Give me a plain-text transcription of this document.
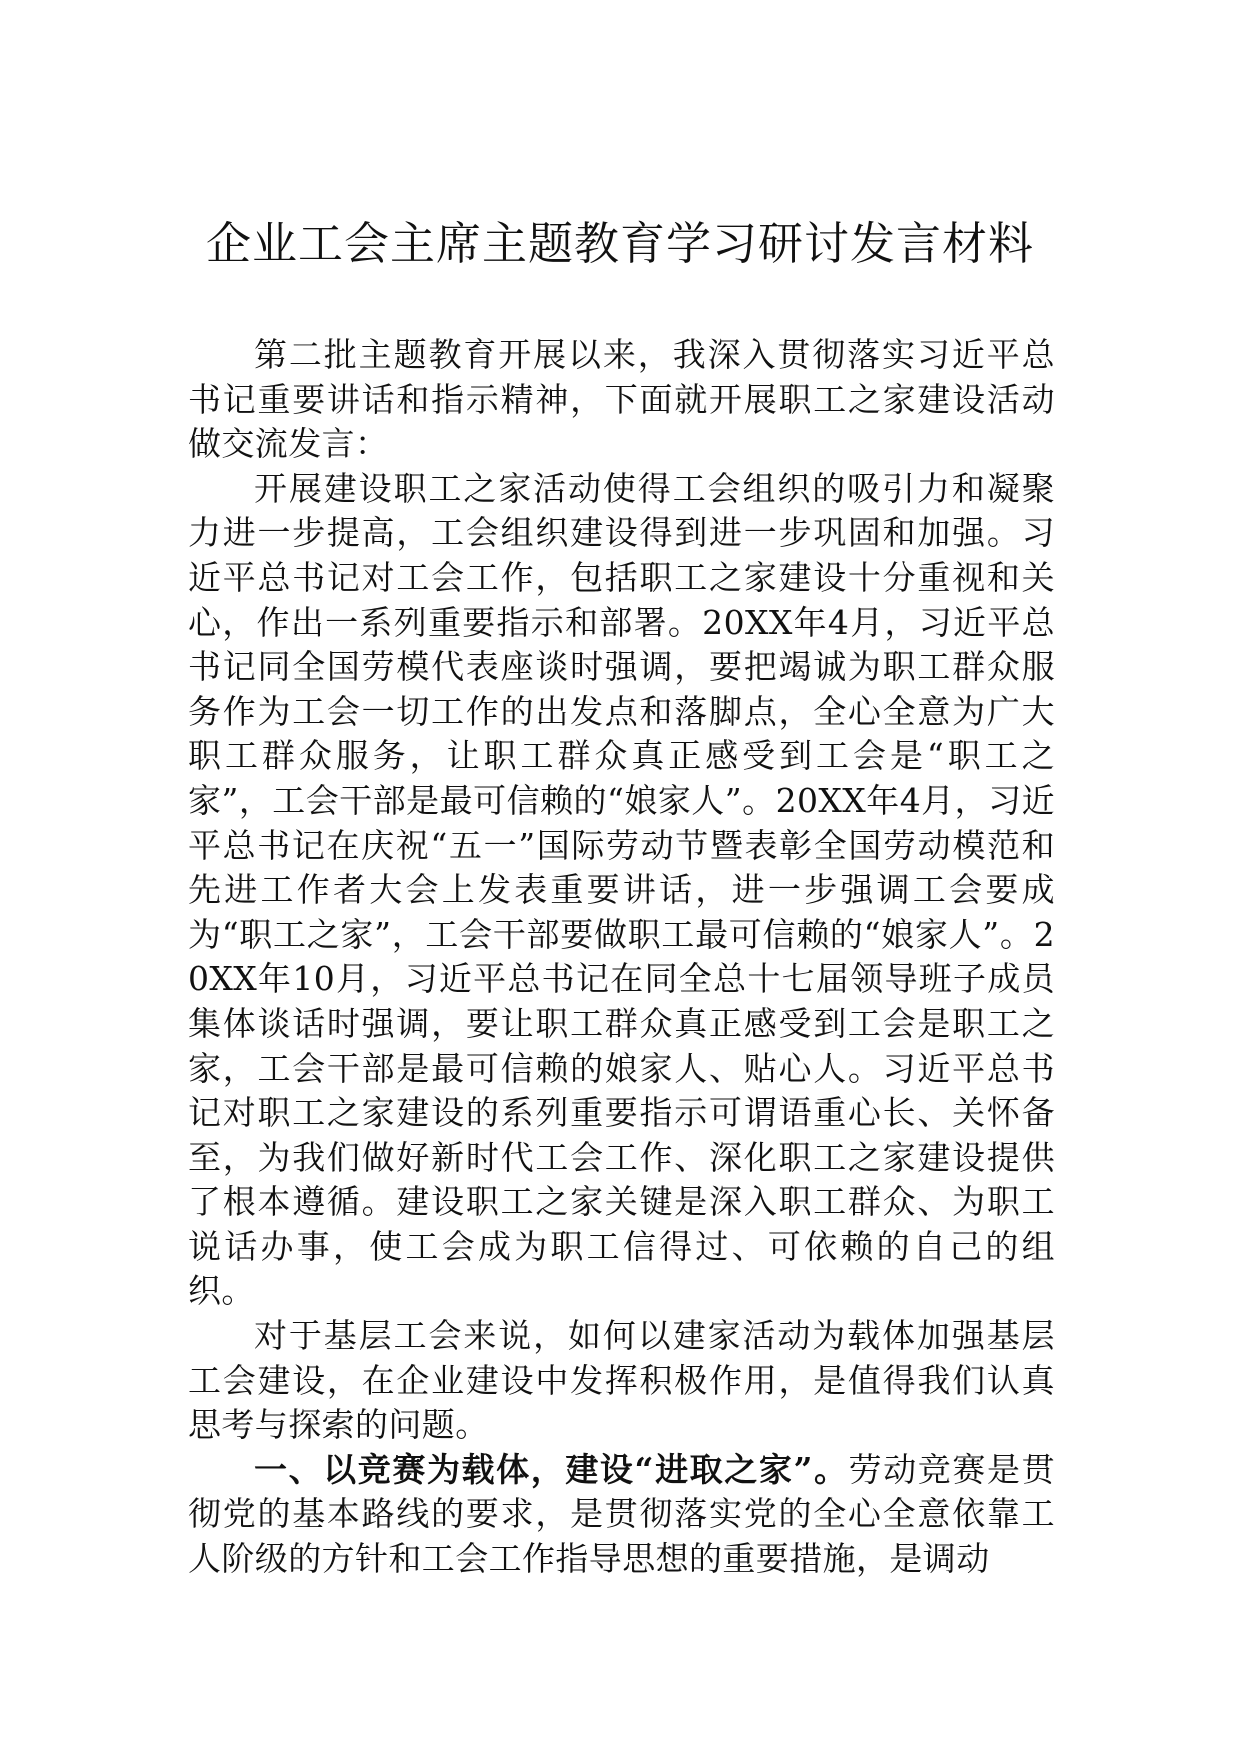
企业工会主席主题教育学习研讨发言材料

第二批主题教育开展以来，我深入贯彻落实习近平总书记重要讲话和指示精神，下面就开展职工之家建设活动做交流发言：

开展建设职工之家活动使得工会组织的吸引力和凝聚力进一步提高，工会组织建设得到进一步巩固和加强。习近平总书记对工会工作，包括职工之家建设十分重视和关心，作出一系列重要指示和部署。20XX年4月，习近平总书记同全国劳模代表座谈时强调，要把竭诚为职工群众服务作为工会一切工作的出发点和落脚点，全心全意为广大职工群众服务，让职工群众真正感受到工会是“职工之家”，工会干部是最可信赖的“娘家人”。20XX年4月，习近平总书记在庆祝“五一”国际劳动节暨表彰全国劳动模范和先进工作者大会上发表重要讲话，进一步强调工会要成为“职工之家”，工会干部要做职工最可信赖的“娘家人”。20XX年10月，习近平总书记在同全总十七届领导班子成员集体谈话时强调，要让职工群众真正感受到工会是职工之家，工会干部是最可信赖的娘家人、贴心人。习近平总书记对职工之家建设的系列重要指示可谓语重心长、关怀备至，为我们做好新时代工会工作、深化职工之家建设提供了根本遵循。建设职工之家关键是深入职工群众、为职工说话办事，使工会成为职工信得过、可依赖的自己的组织。

对于基层工会来说，如何以建家活动为载体加强基层工会建设，在企业建设中发挥积极作用，是值得我们认真思考与探索的问题。

一、以竞赛为载体，建设“进取之家”。劳动竞赛是贯彻党的基本路线的要求，是贯彻落实党的全心全意依靠工人阶级的方针和工会工作指导思想的重要措施，是调动
